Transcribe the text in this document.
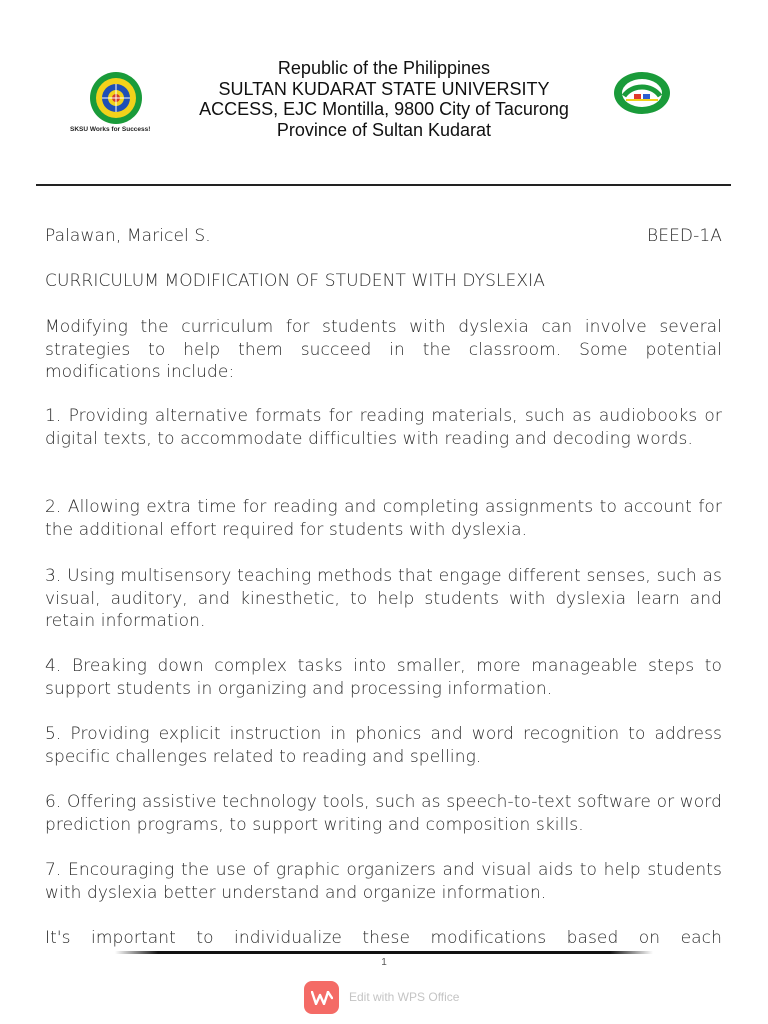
SKSU Works for Success!
Republic of the Philippines
SULTAN KUDARAT STATE UNIVERSITY
ACCESS, EJC Montilla, 9800 City of Tacurong
Province of Sultan Kudarat
Palawan, Maricel S.	BEED-1A
CURRICULUM MODIFICATION OF STUDENT WITH DYSLEXIA
Modifying the curriculum for students with dyslexia can involve several strategies to help them succeed in the classroom. Some potential modifications include:
1. Providing alternative formats for reading materials, such as audiobooks or digital texts, to accommodate difficulties with reading and decoding words.
2. Allowing extra time for reading and completing assignments to account for the additional effort required for students with dyslexia.
3. Using multisensory teaching methods that engage different senses, such as visual, auditory, and kinesthetic, to help students with dyslexia learn and retain information.
4. Breaking down complex tasks into smaller, more manageable steps to support students in organizing and processing information.
5. Providing explicit instruction in phonics and word recognition to address specific challenges related to reading and spelling.
6. Offering assistive technology tools, such as speech-to-text software or word prediction programs, to support writing and composition skills.
7. Encouraging the use of graphic organizers and visual aids to help students with dyslexia better understand and organize information.
It's important to individualize these modifications based on each
1
Edit with WPS Office
